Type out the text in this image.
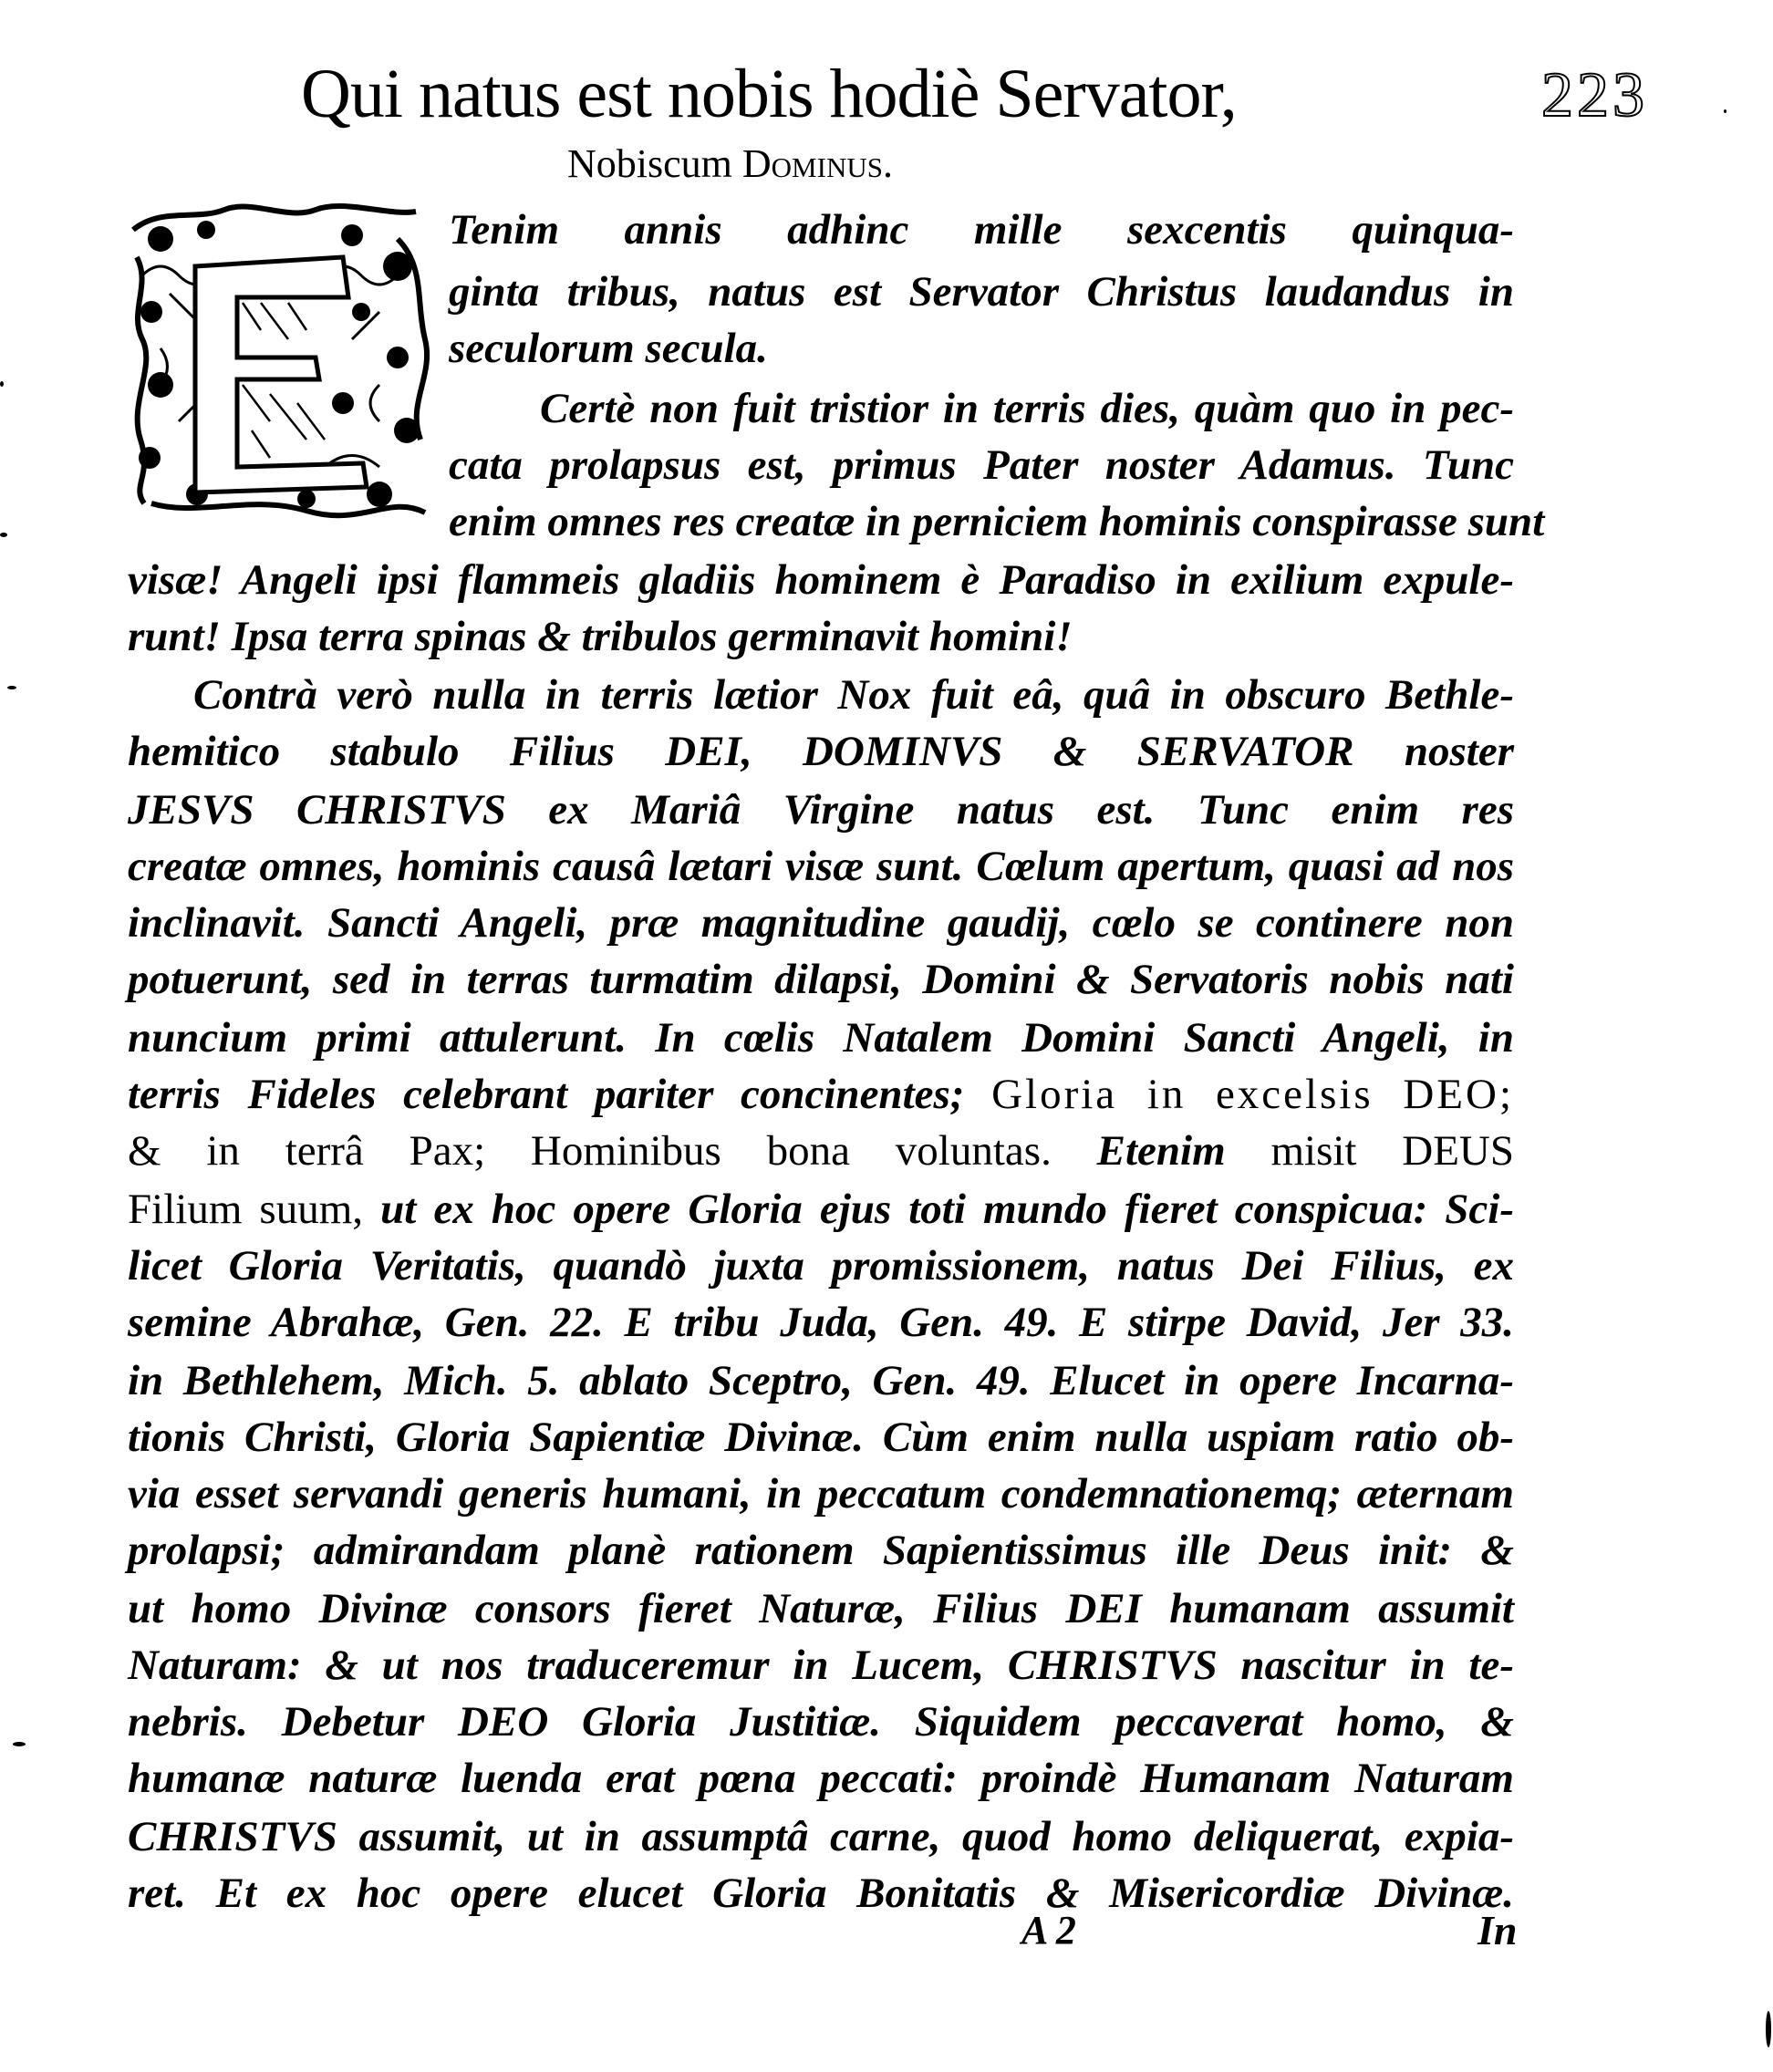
Qui natus est nobis hodiè Servator,	223
Nobiscum Dominus.
Tenim annis adhinc mille sexcentis quinqua-
ginta tribus, natus est Servator Christus laudandus in
seculorum secula.
Certè non fuit tristior in terris dies, quàm quo in pec-
cata prolapsus est, primus Pater noster Adamus. Tunc
enim omnes res creatæ in perniciem hominis conspirasse sunt
visæ! Angeli ipsi flammeis gladiis hominem è Paradiso in exilium expule-
runt! Ipsa terra spinas & tribulos germinavit homini!
Contrà verò nulla in terris lætior Nox fuit eâ, quâ in obscuro Bethle-
hemitico stabulo Filius DEI, DOMINVS & SERVATOR noster
JESVS CHRISTVS ex Mariâ Virgine natus est. Tunc enim res
creatæ omnes, hominis causâ lætari visæ sunt. Cœlum apertum, quasi ad nos
inclinavit. Sancti Angeli, præ magnitudine gaudij, cœlo se continere non
potuerunt, sed in terras turmatim dilapsi, Domini & Servatoris nobis nati
nuncium primi attulerunt. In cœlis Natalem Domini Sancti Angeli, in
terris Fideles celebrant pariter concinentes; Gloria in excelsis DEO;
& in terrâ Pax; Hominibus bona voluntas. Etenim misit DEUS
Filium suum, ut ex hoc opere Gloria ejus toti mundo fieret conspicua: Sci-
licet Gloria Veritatis, quandò juxta promissionem, natus Dei Filius, ex
semine Abrahæ, Gen. 22. E tribu Juda, Gen. 49. E stirpe David, Jer 33.
in Bethlehem, Mich. 5. ablato Sceptro, Gen. 49. Elucet in opere Incarna-
tionis Christi, Gloria Sapientiæ Divinæ. Cùm enim nulla uspiam ratio ob-
via esset servandi generis humani, in peccatum condemnationemq; æternam
prolapsi; admirandam planè rationem Sapientissimus ille Deus init: &
ut homo Divinæ consors fieret Naturæ, Filius DEI humanam assumit
Naturam: & ut nos traduceremur in Lucem, CHRISTVS nascitur in te-
nebris. Debetur DEO Gloria Justitiæ. Siquidem peccaverat homo, &
humanæ naturæ luenda erat pœna peccati: proindè Humanam Naturam
CHRISTVS assumit, ut in assumptâ carne, quod homo deliquerat, expia-
ret. Et ex hoc opere elucet Gloria Bonitatis & Misericordiæ Divinæ.
A 2	In
